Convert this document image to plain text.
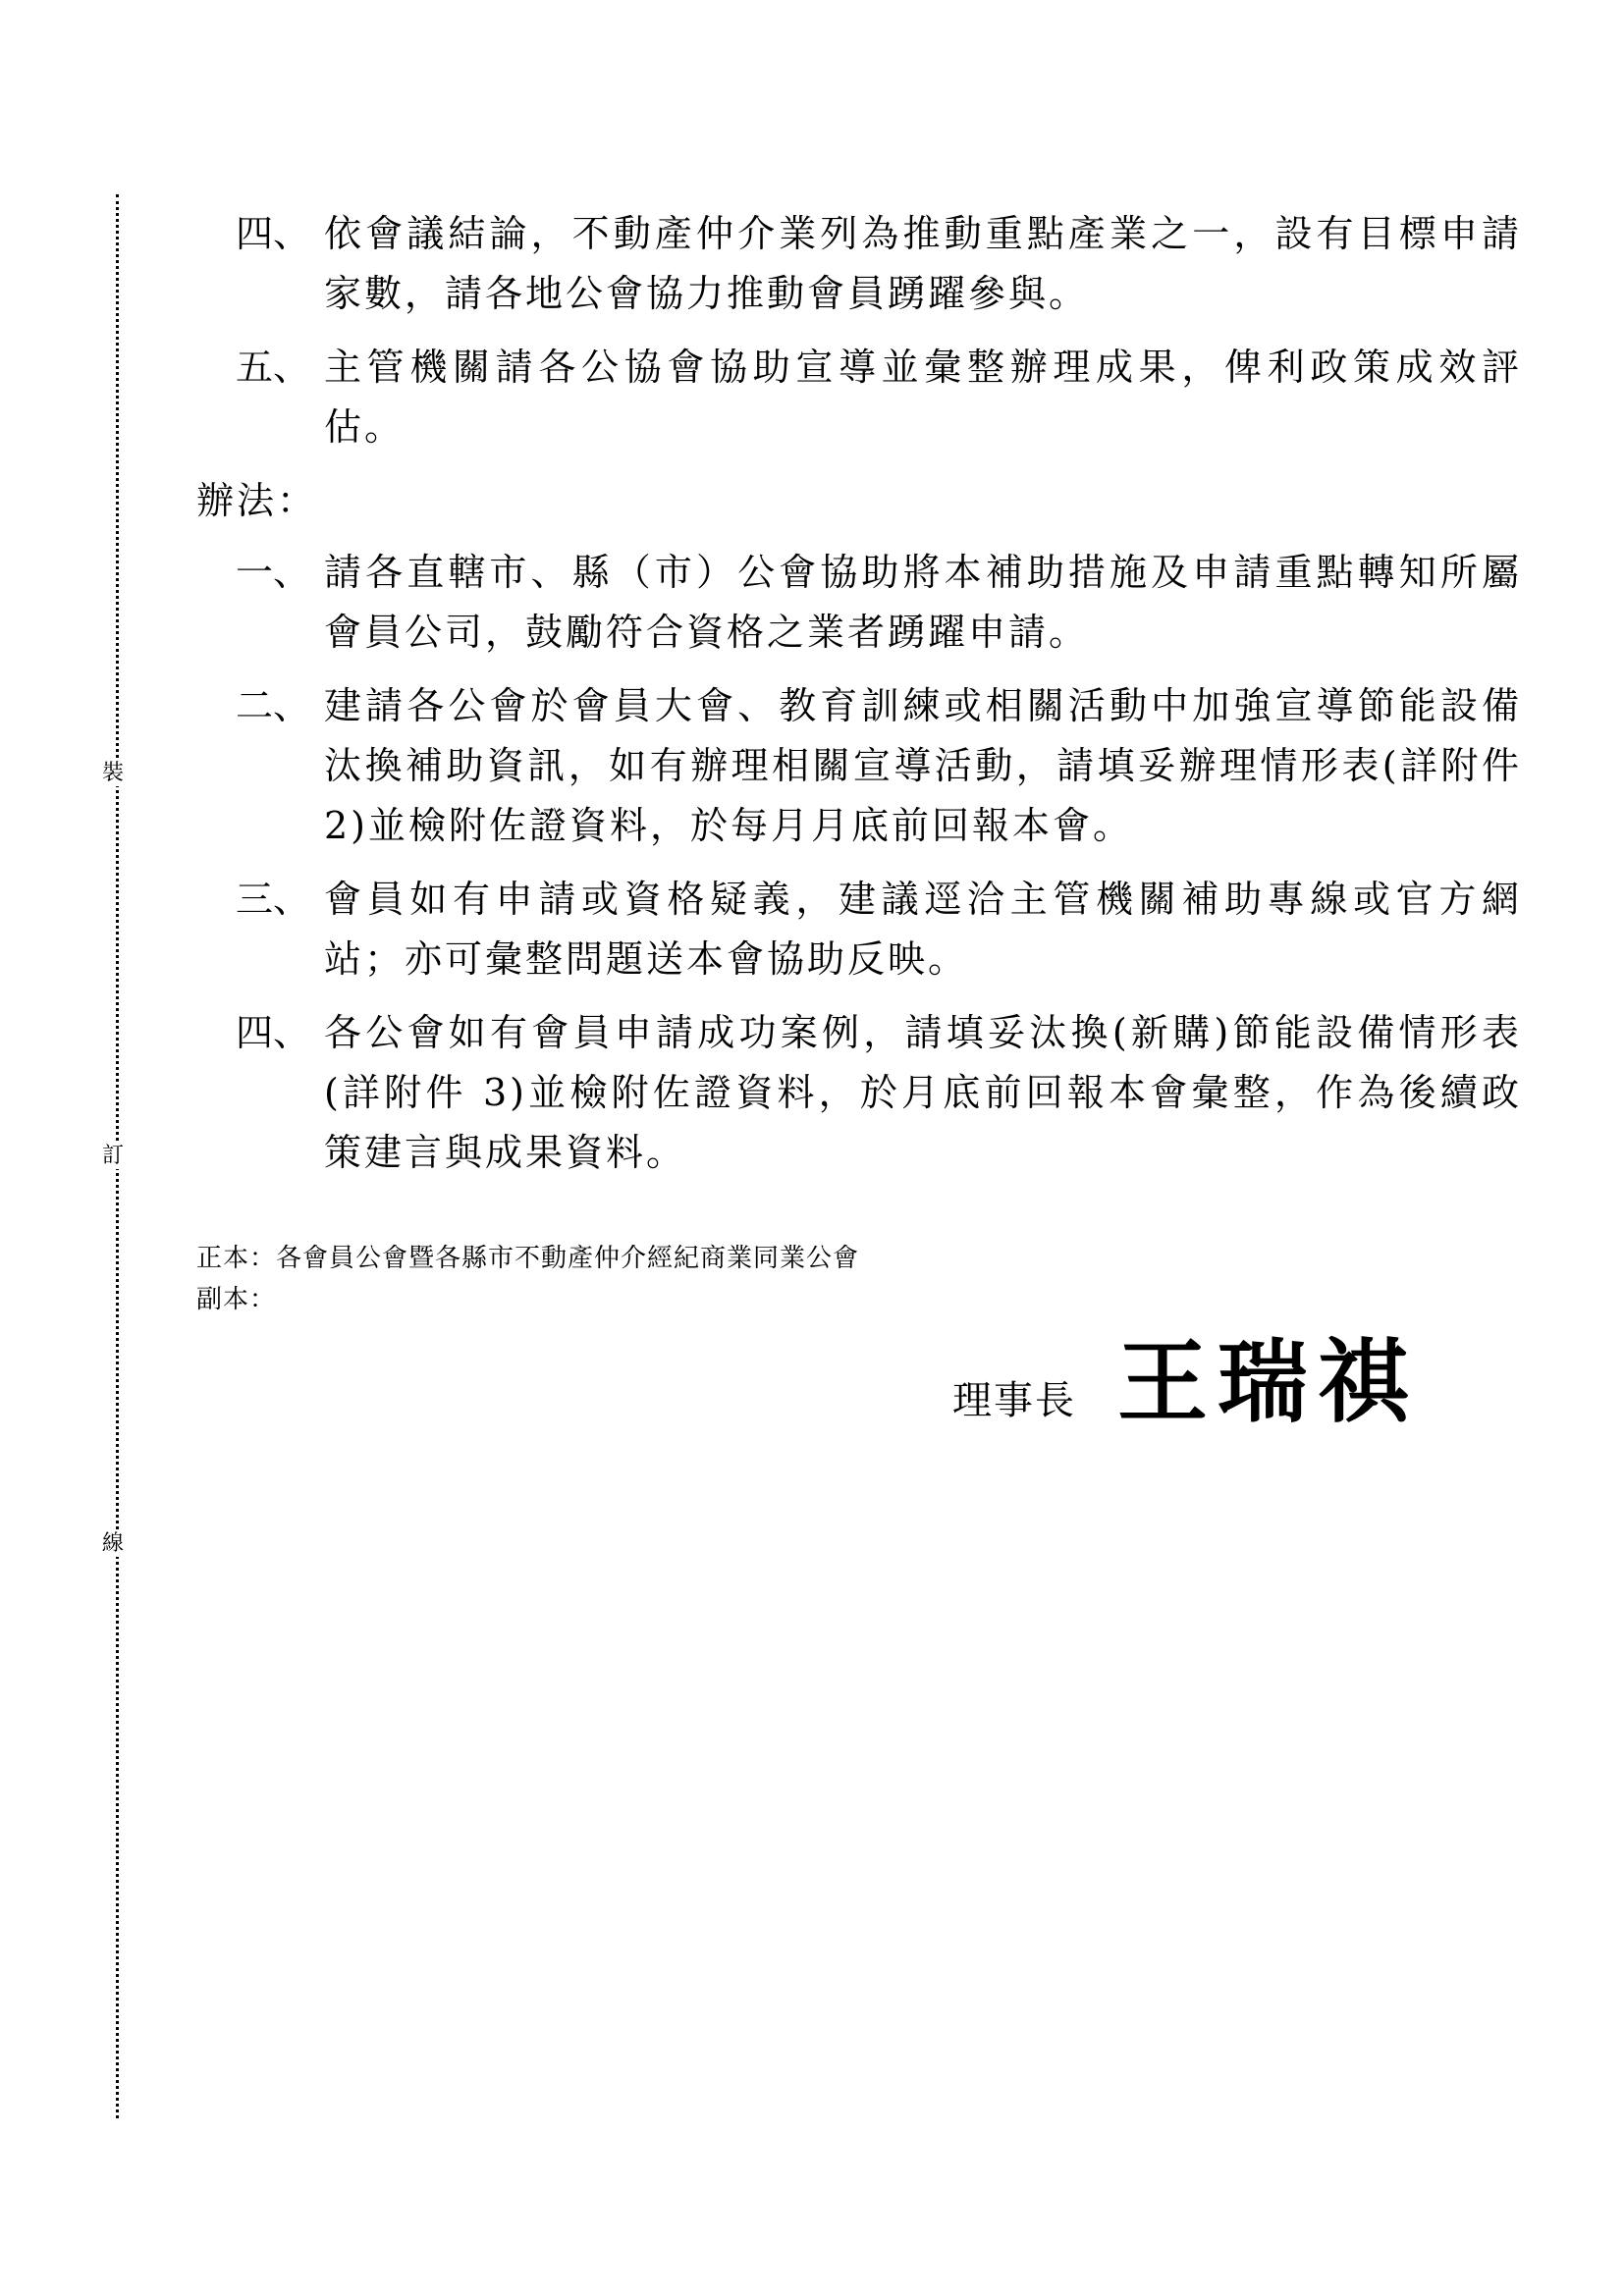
裝
訂
線
四、 依會議結論，不動產仲介業列為推動重點產業之一，設有目標申請家數，請各地公會協力推動會員踴躍參與。
五、 主管機關請各公協會協助宣導並彙整辦理成果，俾利政策成效評估。
辦法：
一、 請各直轄市、縣（市）公會協助將本補助措施及申請重點轉知所屬會員公司，鼓勵符合資格之業者踴躍申請。
二、 建請各公會於會員大會、教育訓練或相關活動中加強宣導節能設備汰換補助資訊，如有辦理相關宣導活動，請填妥辦理情形表(詳附件 2)並檢附佐證資料，於每月月底前回報本會。
三、 會員如有申請或資格疑義，建議逕洽主管機關補助專線或官方網站；亦可彙整問題送本會協助反映。
四、 各公會如有會員申請成功案例，請填妥汰換(新購)節能設備情形表(詳附件 3)並檢附佐證資料，於月底前回報本會彙整，作為後續政策建言與成果資料。
正本：各會員公會暨各縣市不動產仲介經紀商業同業公會
副本：
理事長 王瑞祺
